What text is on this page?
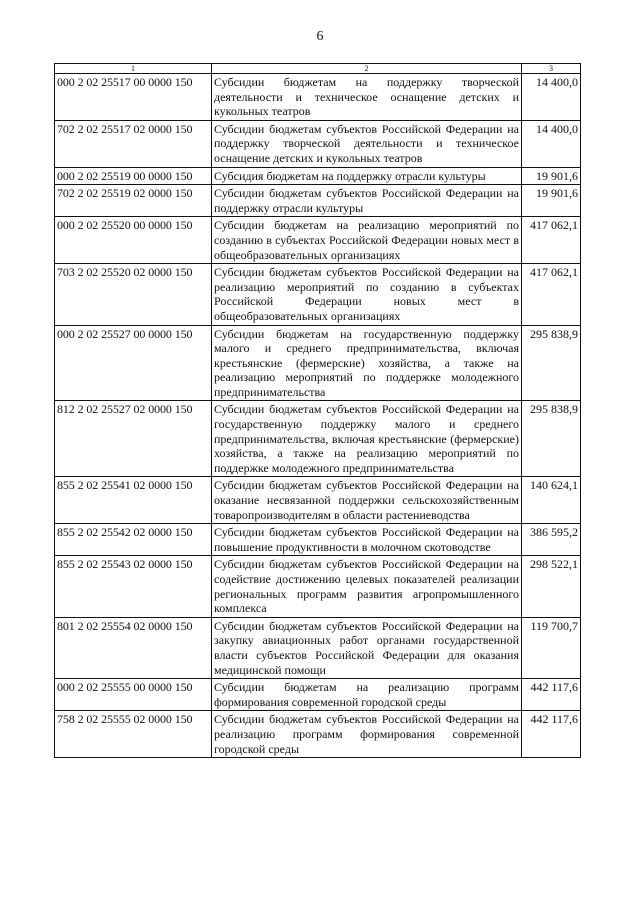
6
1	2	3
000 2 02 25517 00 0000 150	Субсидии бюджетам на поддержку творческой деятельности и техническое оснащение детских и кукольных театров	14 400,0
702 2 02 25517 02 0000 150	Субсидии бюджетам субъектов Российской Федерации на поддержку творческой деятельности и техническое оснащение детских и кукольных театров	14 400,0
000 2 02 25519 00 0000 150	Субсидия бюджетам на поддержку отрасли культуры	19 901,6
702 2 02 25519 02 0000 150	Субсидии бюджетам субъектов Российской Федерации на поддержку отрасли культуры	19 901,6
000 2 02 25520 00 0000 150	Субсидии бюджетам на реализацию мероприятий по созданию в субъектах Российской Федерации новых мест в общеобразовательных организациях	417 062,1
703 2 02 25520 02 0000 150	Субсидии бюджетам субъектов Российской Федерации на реализацию мероприятий по созданию в субъектах Российской Федерации новых мест в общеобразовательных организациях	417 062,1
000 2 02 25527 00 0000 150	Субсидии бюджетам на государственную поддержку малого и среднего предпринимательства, включая крестьянские (фермерские) хозяйства, а также на реализацию мероприятий по поддержке молодежного предпринимательства	295 838,9
812 2 02 25527 02 0000 150	Субсидии бюджетам субъектов Российской Федерации на государственную поддержку малого и среднего предпринимательства, включая крестьянские (фермерские) хозяйства, а также на реализацию мероприятий по поддержке молодежного предпринимательства	295 838,9
855 2 02 25541 02 0000 150	Субсидии бюджетам субъектов Российской Федерации на оказание несвязанной поддержки сельскохозяйственным товаропроизводителям в области растениеводства	140 624,1
855 2 02 25542 02 0000 150	Субсидии бюджетам субъектов Российской Федерации на повышение продуктивности в молочном скотоводстве	386 595,2
855 2 02 25543 02 0000 150	Субсидии бюджетам субъектов Российской Федерации на содействие достижению целевых показателей реализации региональных программ развития агропромышленного комплекса	298 522,1
801 2 02 25554 02 0000 150	Субсидии бюджетам субъектов Российской Федерации на закупку авиационных работ органами государственной власти субъектов Российской Федерации для оказания медицинской помощи	119 700,7
000 2 02 25555 00 0000 150	Субсидии бюджетам на реализацию программ формирования современной городской среды	442 117,6
758 2 02 25555 02 0000 150	Субсидии бюджетам субъектов Российской Федерации на реализацию программ формирования современной городской среды	442 117,6
